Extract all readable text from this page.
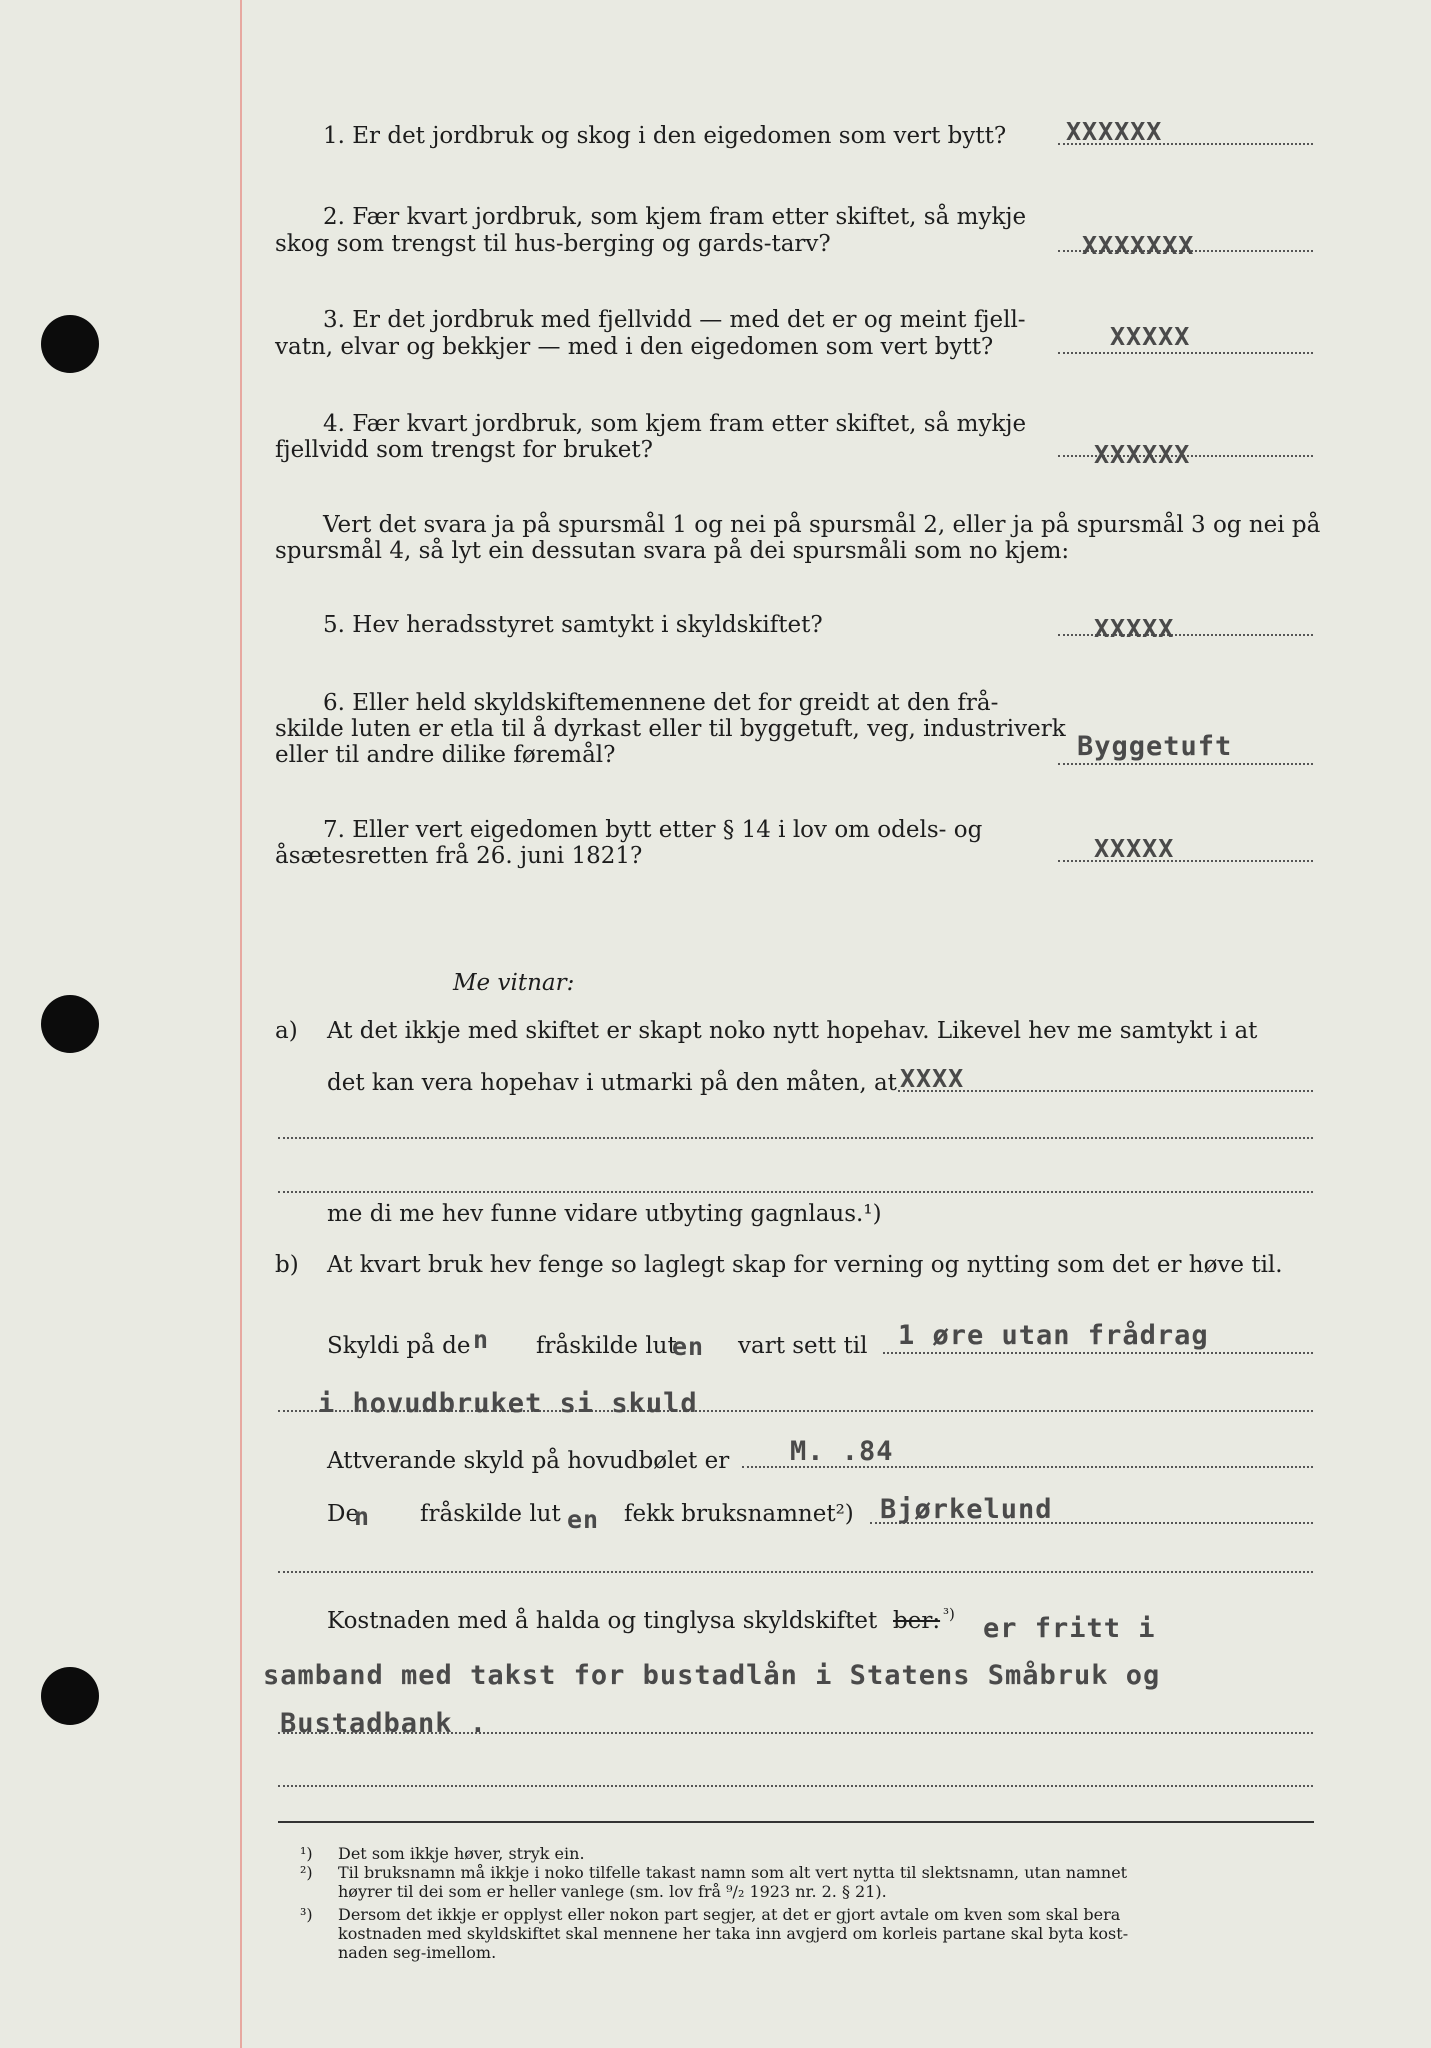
1. Er det jordbruk og skog i den eigedomen som vert bytt? XXXXXX
2. Fær kvart jordbruk, som kjem fram etter skiftet, så mykje
skog som trengst til hus‐berging og gards‐tarv?	XXXXXXX
3. Er det jordbruk med fjellvidd — med det er og meint fjell‐
vatn, elvar og bekkjer — med i den eigedomen som vert bytt?	XXXXX
4. Fær kvart jordbruk, som kjem fram etter skiftet, så mykje
fjellvidd som trengst for bruket?	XXXXXX
Vert det svara ja på spursmål 1 og nei på spursmål 2, eller ja på spursmål 3 og nei på
spursmål 4, så lyt ein dessutan svara på dei spursmåli som no kjem:
5. Hev heradsstyret samtykt i skyldskiftet?	XXXXX
6. Eller held skyldskiftemennene det for greidt at den frå‐
skilde luten er etla til å dyrkast eller til byggetuft, veg, industriverk
eller til andre dilike føremål?	Byggetuft
7. Eller vert eigedomen bytt etter § 14 i lov om odels‐ og
åsætesretten frå 26. juni 1821?	XXXXX
Me vitnar:
a) At det ikkje med skiftet er skapt noko nytt hopehav. Likevel hev me samtykt i at
det kan vera hopehav i utmarki på den måten, at XXXX
me di me hev funne vidare utbyting gagnlaus.¹)
b) At kvart bruk hev fenge so laglegt skap for verning og nytting som det er høve til.
Skyldi på de n fråskilde lut
en vart sett til 1 øre utan frådrag
i hovudbruket si skuld
Attverande skyld på hovudbølet er M. .84
De
n fråskilde lut en fekk bruksnamnet²) Bjørkelund
Kostnaden med å halda og tinglysa skyldskiftet ber: ³) er fritt i
samband med takst for bustadlån i Statens Småbruk og
Bustadbank .
¹) Det som ikkje høver, stryk ein.
²) Til bruksnamn må ikkje i noko tilfelle takast namn som alt vert nytta til slektsnamn, utan namnet
høyrer til dei som er heller vanlege (sm. lov frå ⁹/₂ 1923 nr. 2. § 21).
³) Dersom det ikkje er opplyst eller nokon part segjer, at det er gjort avtale om kven som skal bera
kostnaden med skyldskiftet skal mennene her taka inn avgjerd om korleis partane skal byta kost‐
naden seg‐imellom.
